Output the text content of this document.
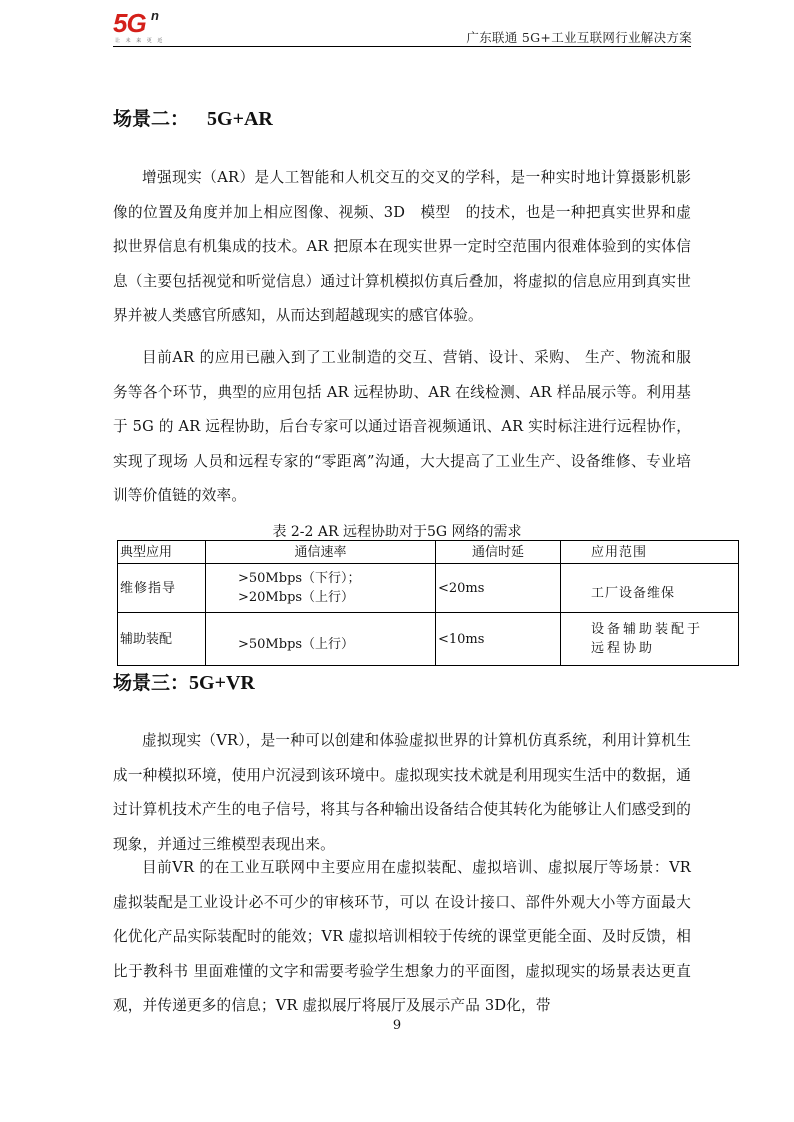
5G n
让 未 来 更 近	广东联通 5G+工业互联网行业解决方案
场景二： 5G+AR

增强现实（AR）是人工智能和人机交互的交叉的学科，是一种实时地计算摄影机影像的位置及角度并加上相应图像、视频、3D　模型　的技术，也是一种把真实世界和虚拟世界信息有机集成的技术。AR 把原本在现实世界一定时空范围内很难体验到的实体信息（主要包括视觉和听觉信息）通过计算机模拟仿真后叠加，将虚拟的信息应用到真实世界并被人类感官所感知，从而达到超越现实的感官体验。

目前AR 的应用已融入到了工业制造的交互、营销、设计、采购、 生产、物流和服务等各个环节，典型的应用包括 AR 远程协助、AR 在线检测、AR 样品展示等。利用基于 5G 的 AR 远程协助，后台专家可以通过语音视频通讯、AR 实时标注进行远程协作，实现了现场 人员和远程专家的“零距离”沟通，大大提高了工业生产、设备维修、专业培训等价值链的效率。

表 2-2 AR 远程协助对于5G 网络的需求
典型应用	通信速率	通信时延	应用范围
维修指导	>50Mbps（下行）；
>20Mbps（上行）	<20ms	工厂设备维保
辅助装配	>50Mbps（上行）	<10ms	设备辅助装配于
远程协助
场景三：5G+VR

虚拟现实（VR），是一种可以创建和体验虚拟世界的计算机仿真系统，利用计算机生成一种模拟环境，使用户沉浸到该环境中。虚拟现实技术就是利用现实生活中的数据，通过计算机技术产生的电子信号，将其与各种输出设备结合使其转化为能够让人们感受到的现象，并通过三维模型表现出来。

目前VR 的在工业互联网中主要应用在虚拟装配、虚拟培训、虚拟展厅等场景：VR 虚拟装配是工业设计必不可少的审核环节，可以 在设计接口、部件外观大小等方面最大化优化产品实际装配时的能效；VR 虚拟培训相较于传统的课堂更能全面、及时反馈，相比于教科书 里面难懂的文字和需要考验学生想象力的平面图，虚拟现实的场景表达更直观，并传递更多的信息；VR 虚拟展厅将展厅及展示产品 3D化，带

9
